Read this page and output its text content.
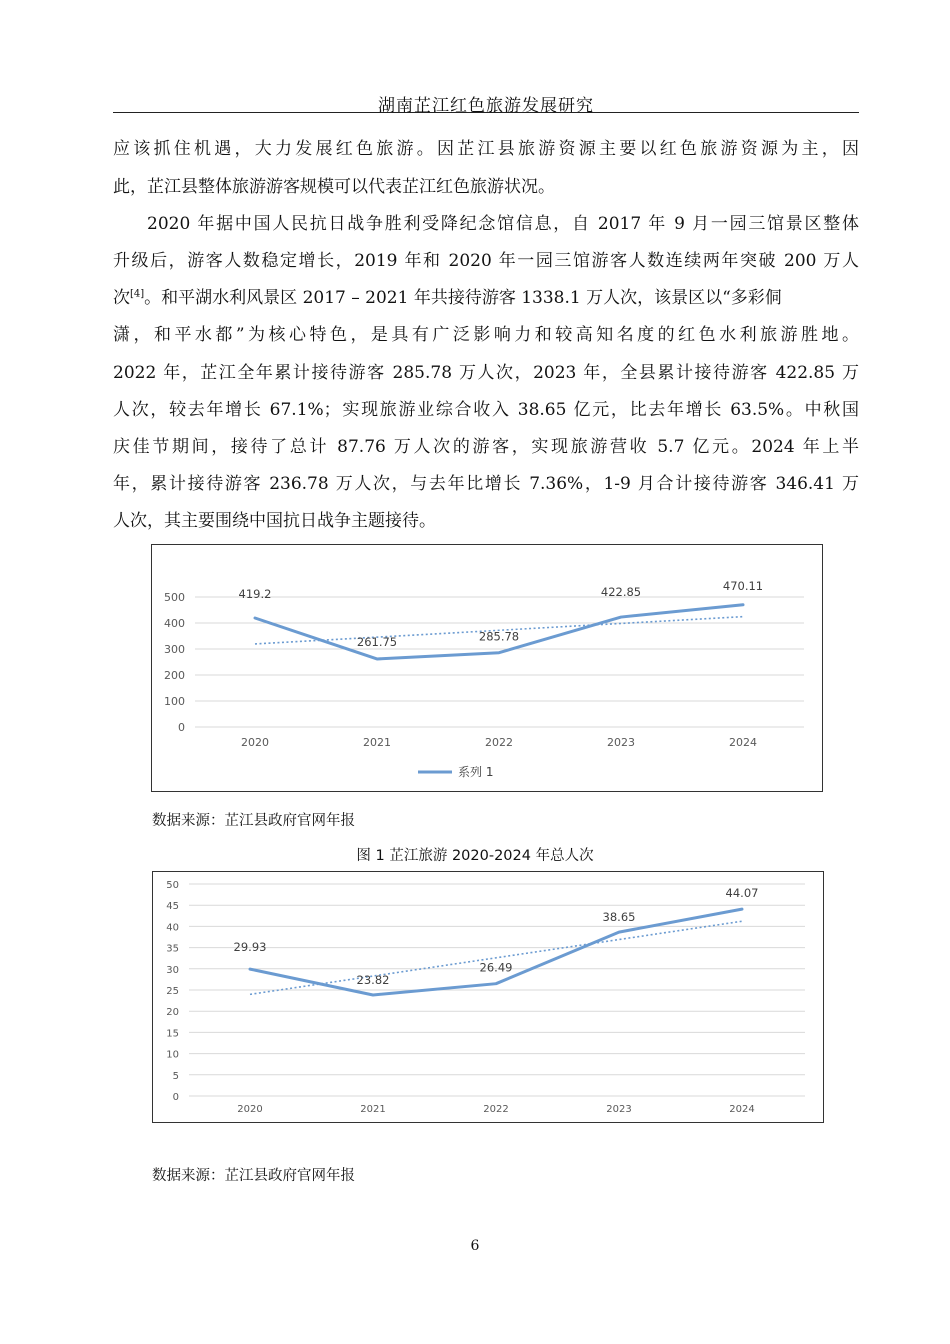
湖南芷江红色旅游发展研究
应该抓住机遇，大力发展红色旅游。因芷江县旅游资源主要以红色旅游资源为主，因
此，芷江县整体旅游游客规模可以代表芷江红色旅游状况。
2020 年据中国人民抗日战争胜利受降纪念馆信息，自 2017 年 9 月一园三馆景区整体
升级后，游客人数稳定增长，2019 年和 2020 年一园三馆游客人数连续两年突破 200 万人
次[4]。和平湖水利风景区 2017 – 2021 年共接待游客 1338.1 万人次，该景区以“多彩侗
潇，和平水都”为核心特色，是具有广泛影响力和较高知名度的红色水利旅游胜地。
2022 年，芷江全年累计接待游客 285.78 万人次，2023 年，全县累计接待游客 422.85 万
人次，较去年增长 67.1%；实现旅游业综合收入 38.65 亿元，比去年增长 63.5%。中秋国
庆佳节期间，接待了总计 87.76 万人次的游客，实现旅游营收 5.7 亿元。2024 年上半
年，累计接待游客 236.78 万人次，与去年比增长 7.36%，1-9 月合计接待游客 346.41 万
人次，其主要围绕中国抗日战争主题接待。
0
100
200
300
400
500
2020	2021	2022	2023	2024
419.2
261.75	285.78
422.85	470.11
系列 1
数据来源：芷江县政府官网年报
图 1 芷江旅游 2020-2024 年总人次
0
5
10
15
20
25
30
35
40
45
50
2020	2021	2022	2023	2024
29.93
23.82
26.49
38.65
44.07
数据来源：芷江县政府官网年报
6
